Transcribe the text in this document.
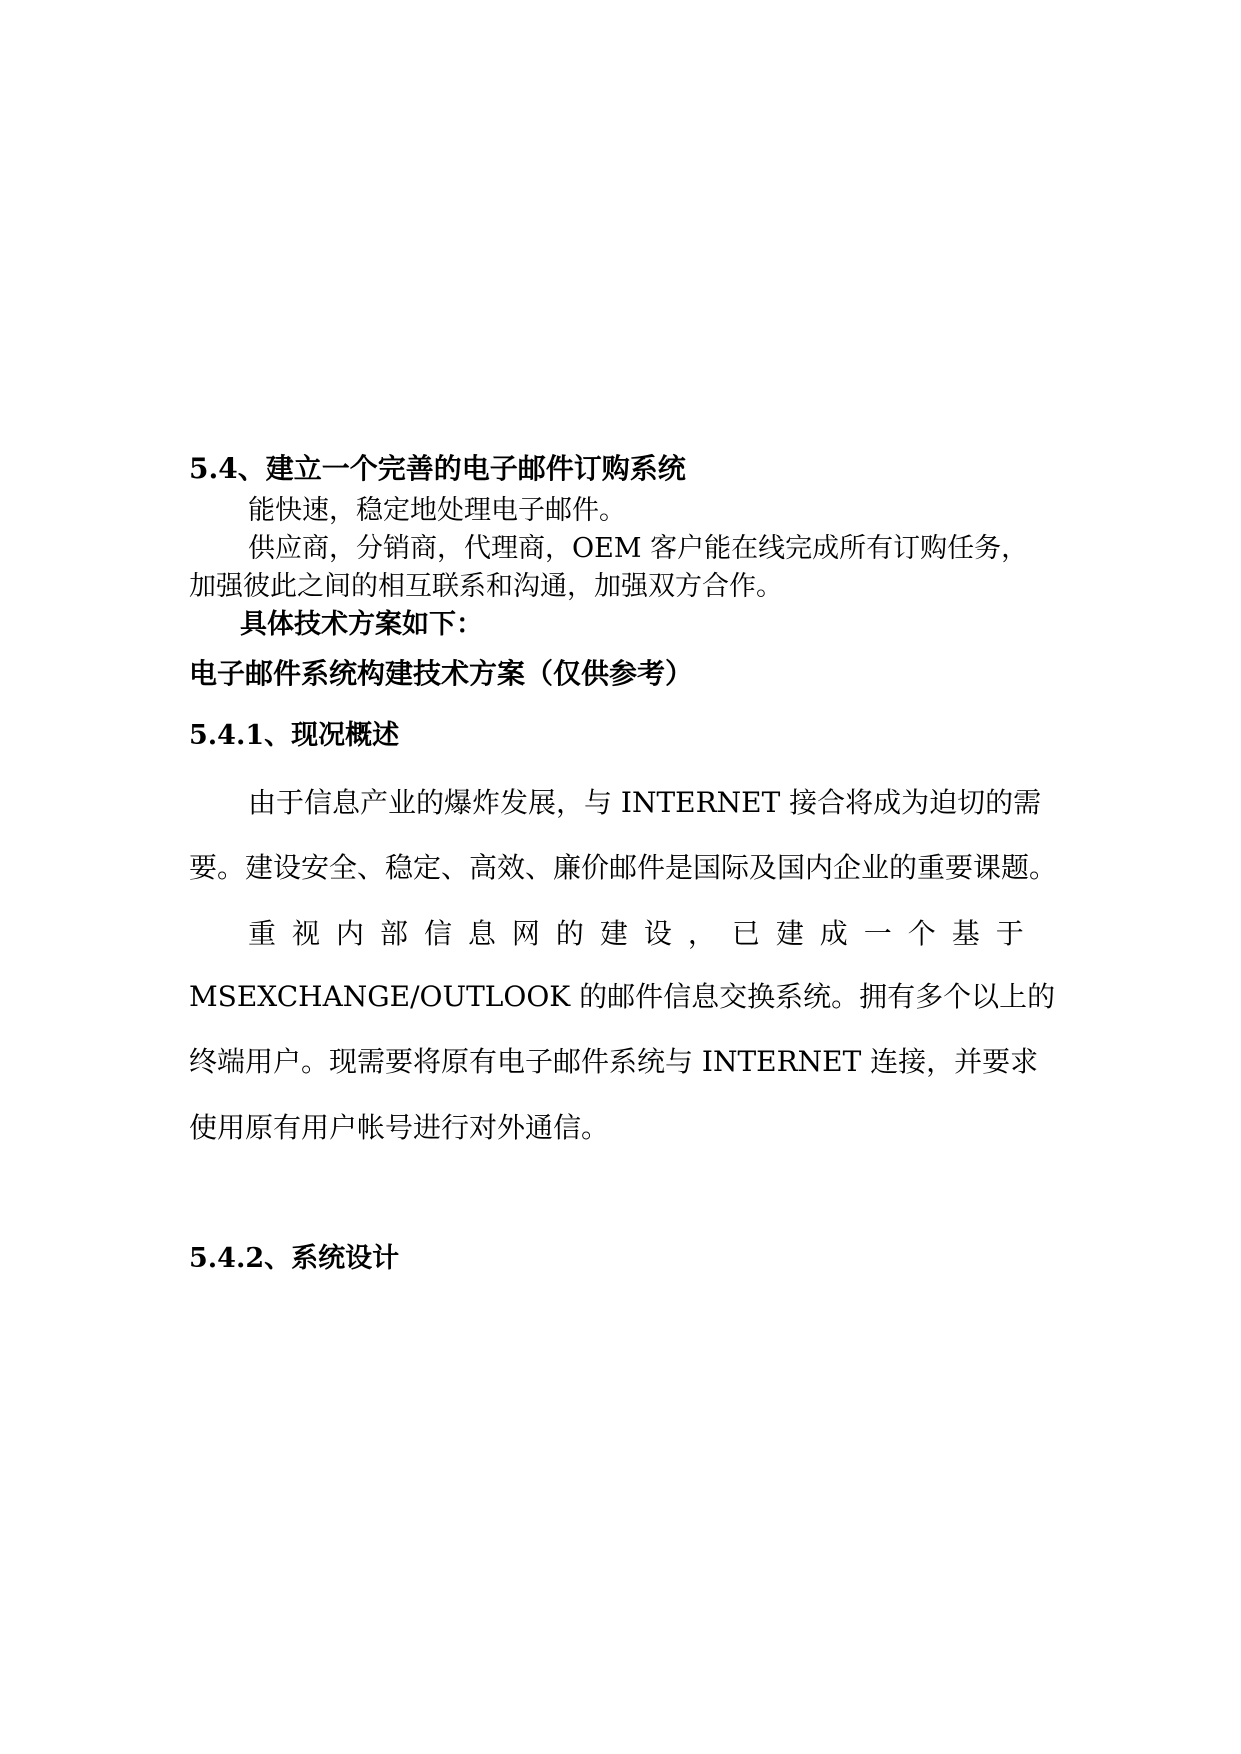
5.4、建立一个完善的电子邮件订购系统
能快速，稳定地处理电子邮件。
供应商，分销商，代理商，OEM 客户能在线完成所有订购任务，
加强彼此之间的相互联系和沟通，加强双方合作。
具体技术方案如下：
电子邮件系统构建技术方案（仅供参考）
5.4.1、现况概述
由于信息产业的爆炸发展，与 INTERNET 接合将成为迫切的需
要。建设安全、稳定、高效、廉价邮件是国际及国内企业的重要课题。
重 视 内 部 信 息 网 的 建 设 ， 已 建 成 一 个 基 于
MSEXCHANGE/OUTLOOK 的邮件信息交换系统。拥有多个以上的
终端用户。现需要将原有电子邮件系统与 INTERNET 连接，并要求
使用原有用户帐号进行对外通信。
5.4.2、系统设计
